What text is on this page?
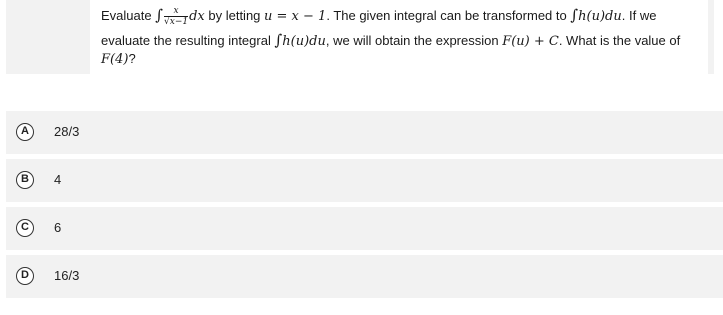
Evaluate ∫ $\frac{x}{√x-1}$ dx by letting u = x − 1. The given integral can be transformed to ∫h(u)du. If we
evaluate the resulting integral ∫h(u)du, we will obtain the expression F(u) + C. What is the value of
F(4)?
A	28/3
B	4
C	6
D	16/3
